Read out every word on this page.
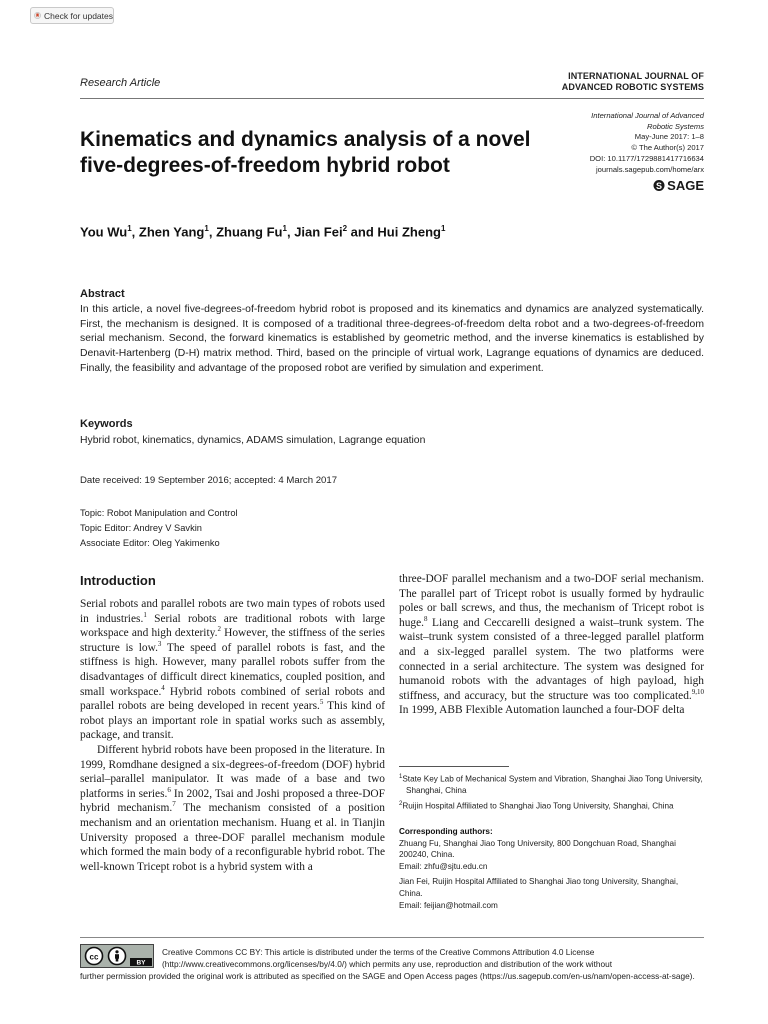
Check for updates
Research Article
INTERNATIONAL JOURNAL OF
ADVANCED ROBOTIC SYSTEMS
International Journal of Advanced
Robotic Systems
May-June 2017: 1–8
© The Author(s) 2017
DOI: 10.1177/1729881417716634
journals.sagepub.com/home/arx
S SAGE
Kinematics and dynamics analysis of a novel
five-degrees-of-freedom hybrid robot
You Wu$^1$, Zhen Yang$^1$, Zhuang Fu$^1$, Jian Fei$^2$ and Hui Zheng$^1$
Abstract
In this article, a novel five-degrees-of-freedom hybrid robot is proposed and its kinematics and dynamics are analyzed systematically. First, the mechanism is designed. It is composed of a traditional three-degrees-of-freedom delta robot and a two-degrees-of-freedom serial mechanism. Second, the forward kinematics is established by geometric method, and the inverse kinematics is established by Denavit-Hartenberg (D-H) matrix method. Third, based on the principle of virtual work, Lagrange equations of dynamics are deduced. Finally, the feasibility and advantage of the proposed robot are verified by simulation and experiment.
Keywords
Hybrid robot, kinematics, dynamics, ADAMS simulation, Lagrange equation
Date received: 19 September 2016; accepted: 4 March 2017
Topic: Robot Manipulation and Control
Topic Editor: Andrey V Savkin
Associate Editor: Oleg Yakimenko
Introduction

Serial robots and parallel robots are two main types of robots used in industries.$^1$ Serial robots are traditional robots with large workspace and high dexterity.$^2$ However, the stiffness of the series structure is low.$^3$ The speed of parallel robots is fast, and the stiffness is high. However, many parallel robots suffer from the disadvantages of difficult direct kinematics, coupled position, and small workspace.$^4$ Hybrid robots combined of serial robots and parallel robots are being developed in recent years.$^5$ This kind of robot plays an important role in spatial works such as assembly, package, and transit.

Different hybrid robots have been proposed in the literature. In 1999, Romdhane designed a six-degrees-of-freedom (DOF) hybrid serial–parallel manipulator. It was made of a base and two platforms in series.$^6$ In 2002, Tsai and Joshi proposed a three-DOF hybrid mechanism.$^7$ The mechanism consisted of a position mechanism and an orientation mechanism. Huang et al. in Tianjin University proposed a three-DOF parallel mechanism module which formed the main body of a reconfigurable hybrid robot. The well-known Tricept robot is a hybrid system with a

three-DOF parallel mechanism and a two-DOF serial mechanism. The parallel part of Tricept robot is usually formed by hydraulic poles or ball screws, and thus, the mechanism of Tricept robot is huge.$^8$ Liang and Ceccarelli designed a waist–trunk system. The waist–trunk system consisted of a three-legged parallel platform and a six-legged parallel system. The two platforms were connected in a serial architecture. The system was designed for humanoid robots with the advantages of high payload, high stiffness, and accuracy, but the structure was too complicated.$^{9,10}$ In 1999, ABB Flexible Automation launched a four-DOF delta

$^1$State Key Lab of Mechanical System and Vibration, Shanghai Jiao Tong University, Shanghai, China
$^2$Ruijin Hospital Affiliated to Shanghai Jiao Tong University, Shanghai, China

Corresponding authors:

Zhuang Fu, Shanghai Jiao Tong University, 800 Dongchuan Road, Shanghai 200240, China.

Email: zhfu@sjtu.edu.cn

Jian Fei, Ruijin Hospital Affiliated to Shanghai Jiao tong University, Shanghai, China.

Email: feijian@hotmail.com

cc
BY
Creative Commons CC BY: This article is distributed under the terms of the Creative Commons Attribution 4.0 License (http://www.creativecommons.org/licenses/by/4.0/) which permits any use, reproduction and distribution of the work without
further permission provided the original work is attributed as specified on the SAGE and Open Access pages (https://us.sagepub.com/en-us/nam/open-access-at-sage).
